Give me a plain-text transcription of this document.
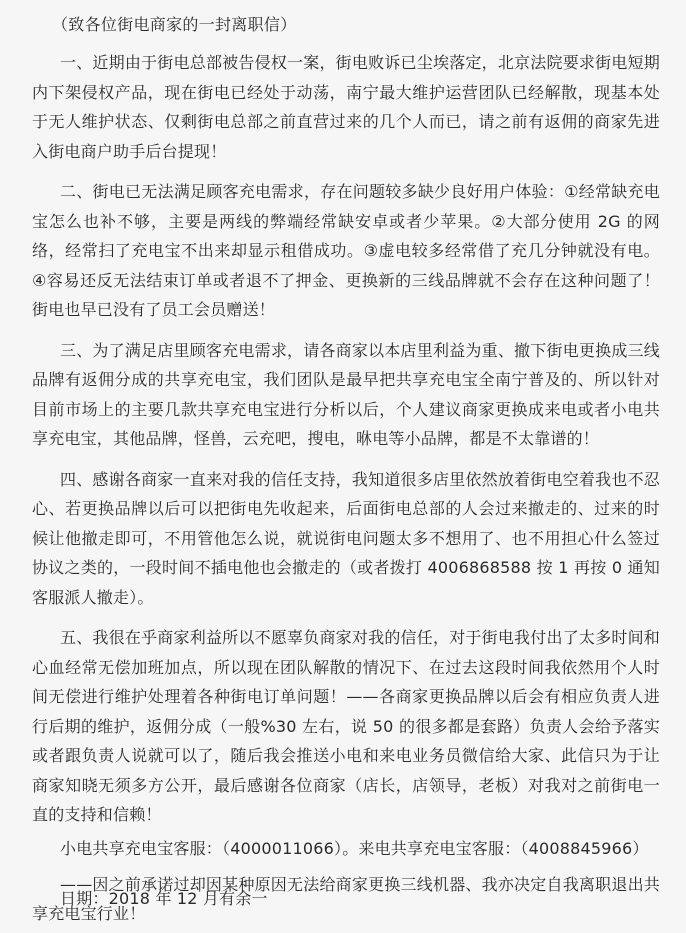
（致各位街电商家的一封离职信）

一、近期由于街电总部被告侵权一案，街电败诉已尘埃落定，北京法院要求街电短期内下架侵权产品，现在街电已经处于动荡，南宁最大维护运营团队已经解散，现基本处于无人维护状态、仅剩街电总部之前直营过来的几个人而已，请之前有返佣的商家先进入街电商户助手后台提现！

二、街电已无法满足顾客充电需求，存在问题较多缺少良好用户体验：①经常缺充电宝怎么也补不够，主要是两线的弊端经常缺安卓或者少苹果。②大部分使用 2G 的网络，经常扫了充电宝不出来却显示租借成功。③虚电较多经常借了充几分钟就没有电。④容易还反无法结束订单或者退不了押金、更换新的三线品牌就不会存在这种问题了！街电也早已没有了员工会员赠送！

三、为了满足店里顾客充电需求，请各商家以本店里利益为重、撤下街电更换成三线品牌有返佣分成的共享充电宝，我们团队是最早把共享充电宝全南宁普及的、所以针对目前市场上的主要几款共享充电宝进行分析以后，个人建议商家更换成来电或者小电共享充电宝，其他品牌，怪兽，云充吧，搜电，咻电等小品牌，都是不太靠谱的！

四、感谢各商家一直来对我的信任支持，我知道很多店里依然放着街电空着我也不忍心、若更换品牌以后可以把街电先收起来，后面街电总部的人会过来撤走的、过来的时候让他撤走即可，不用管他怎么说，就说街电问题太多不想用了、也不用担心什么签过协议之类的，一段时间不插电他也会撤走的（或者拨打 4006868588 按 1 再按 0 通知客服派人撤走）。

五、我很在乎商家利益所以不愿辜负商家对我的信任，对于街电我付出了太多时间和心血经常无偿加班加点，所以现在团队解散的情况下、在过去这段时间我依然用个人时间无偿进行维护处理着各种街电订单问题！——各商家更换品牌以后会有相应负责人进行后期的维护，返佣分成（一般%30 左右，说 50 的很多都是套路）负责人会给予落实或者跟负责人说就可以了，随后我会推送小电和来电业务员微信给大家、此信只为于让商家知晓无须多方公开，最后感谢各位商家（店长，店领导，老板）对我对之前街电一直的支持和信赖！

小电共享充电宝客服：（4000011066）。来电共享充电宝客服：（4008845966）

——因之前承诺过却因某种原因无法给商家更换三线机器、我亦决定自我离职退出共享充电宝行业！

日期：2018 年 12 月有余一
